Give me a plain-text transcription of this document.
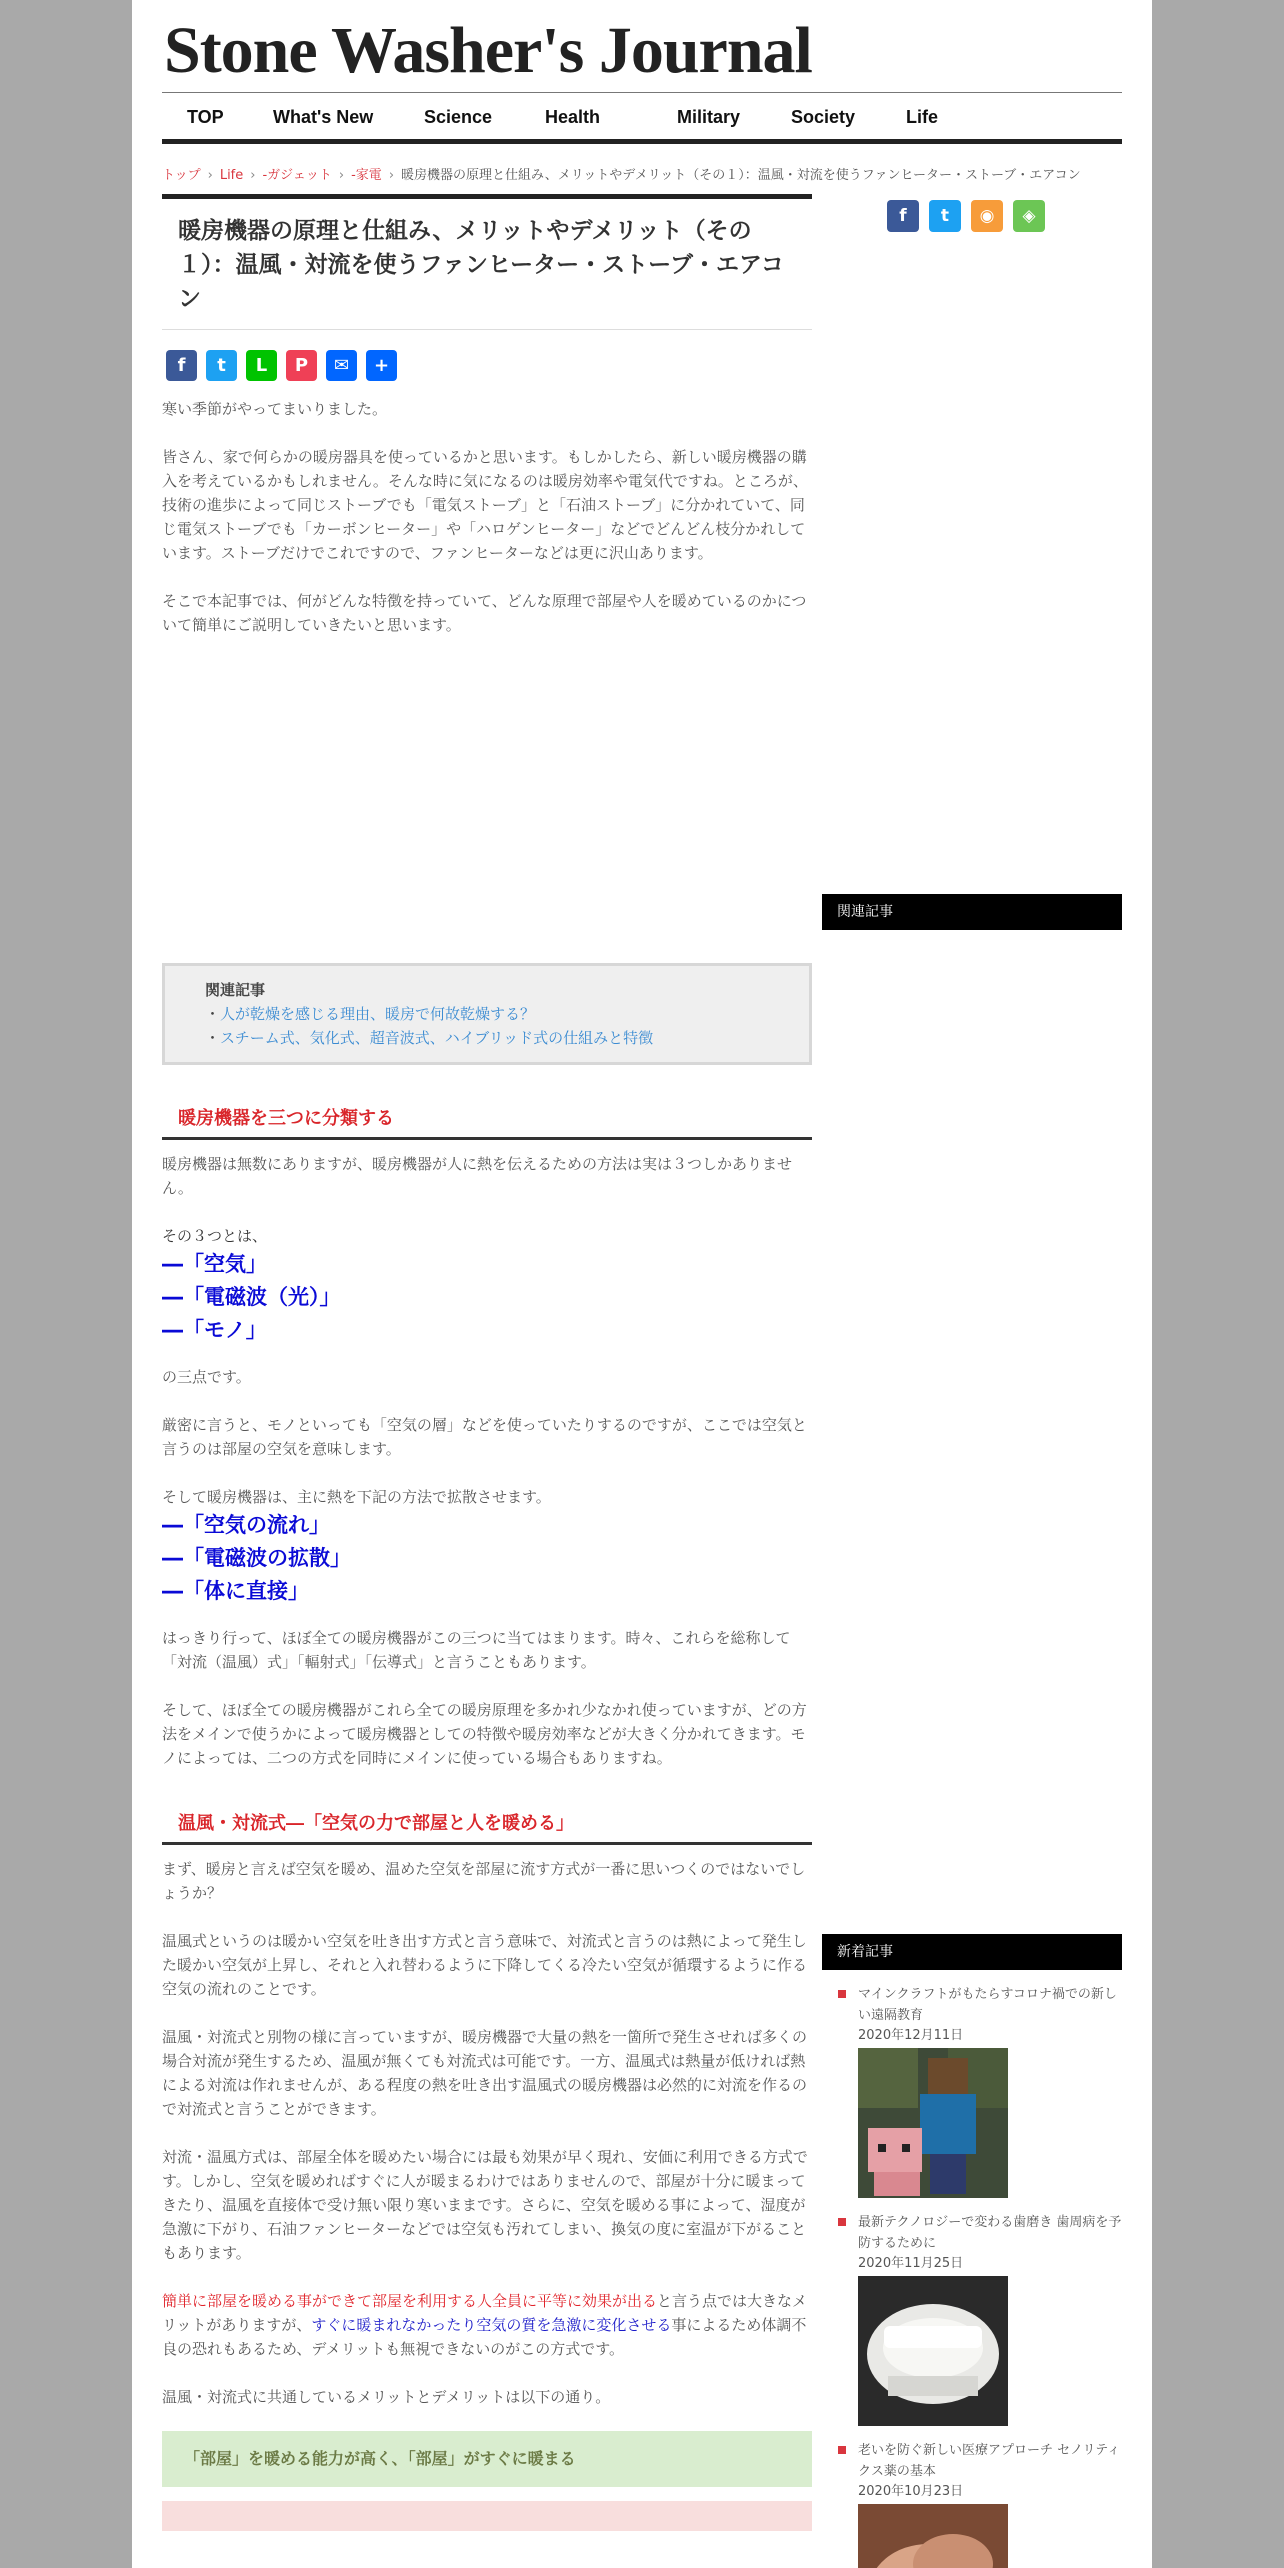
Stone Washer's Journal
TOP	What's New	Science	Health	Military	Society	Life
トップ › Life › -ガジェット › -家電 › 暖房機器の原理と仕組み、メリットやデメリット（その１）：温風・対流を使うファンヒーター・ストーブ・エアコン
暖房機器の原理と仕組み、メリットやデメリット（その１）：温風・対流を使うファンヒーター・ストーブ・エアコン
f	t	L	P	✉	+

寒い季節がやってまいりました。

皆さん、家で何らかの暖房器具を使っているかと思います。もしかしたら、新しい暖房機器の購入を考えているかもしれません。そんな時に気になるのは暖房効率や電気代ですね。ところが、技術の進歩によって同じストーブでも「電気ストーブ」と「石油ストーブ」に分かれていて、同じ電気ストーブでも「カーボンヒーター」や「ハロゲンヒーター」などでどんどん枝分かれしています。ストーブだけでこれですので、ファンヒーターなどは更に沢山あります。

そこで本記事では、何がどんな特徴を持っていて、どんな原理で部屋や人を暖めているのかについて簡単にご説明していきたいと思います。

関連記事
・人が乾燥を感じる理由、暖房で何故乾燥する？
・スチーム式、気化式、超音波式、ハイブリッド式の仕組みと特徴
暖房機器を三つに分類する

暖房機器は無数にありますが、暖房機器が人に熱を伝えるための方法は実は３つしかありません。

その３つとは、

―「空気」
―「電磁波（光）」
―「モノ」

の三点です。

厳密に言うと、モノといっても「空気の層」などを使っていたりするのですが、ここでは空気と言うのは部屋の空気を意味します。

そして暖房機器は、主に熱を下記の方法で拡散させます。

―「空気の流れ」
―「電磁波の拡散」
―「体に直接」

はっきり行って、ほぼ全ての暖房機器がこの三つに当てはまります。時々、これらを総称して「対流（温風）式」「輻射式」「伝導式」と言うこともあります。

そして、ほぼ全ての暖房機器がこれら全ての暖房原理を多かれ少なかれ使っていますが、どの方法をメインで使うかによって暖房機器としての特徴や暖房効率などが大きく分かれてきます。モノによっては、二つの方式を同時にメインに使っている場合もありますね。

温風・対流式―「空気の力で部屋と人を暖める」

まず、暖房と言えば空気を暖め、温めた空気を部屋に流す方式が一番に思いつくのではないでしょうか？

温風式というのは暖かい空気を吐き出す方式と言う意味で、対流式と言うのは熱によって発生した暖かい空気が上昇し、それと入れ替わるように下降してくる冷たい空気が循環するように作る空気の流れのことです。

温風・対流式と別物の様に言っていますが、暖房機器で大量の熱を一箇所で発生させれば多くの場合対流が発生するため、温風が無くても対流式は可能です。一方、温風式は熱量が低ければ熱による対流は作れませんが、ある程度の熱を吐き出す温風式の暖房機器は必然的に対流を作るので対流式と言うことができます。

対流・温風方式は、部屋全体を暖めたい場合には最も効果が早く現れ、安価に利用できる方式です。しかし、空気を暖めればすぐに人が暖まるわけではありませんので、部屋が十分に暖まってきたり、温風を直接体で受け無い限り寒いままです。さらに、空気を暖める事によって、湿度が急激に下がり、石油ファンヒーターなどでは空気も汚れてしまい、換気の度に室温が下がることもあります。

簡単に部屋を暖める事ができて部屋を利用する人全員に平等に効果が出ると言う点では大きなメリットがありますが、すぐに暖まれなかったり空気の質を急激に変化させる事によるため体調不良の恐れもあるため、デメリットも無視できないのがこの方式です。

温風・対流式に共通しているメリットとデメリットは以下の通り。

「部屋」を暖める能力が高く、「部屋」がすぐに暖まる
f	t	◉	◈
関連記事
新着記事
マインクラフトがもたらすコロナ禍での新しい遠隔教育
2020年12月11日
最新テクノロジーで変わる歯磨き 歯周病を予防するために
2020年11月25日
老いを防ぐ新しい医療アプローチ セノリティクス薬の基本
2020年10月23日
